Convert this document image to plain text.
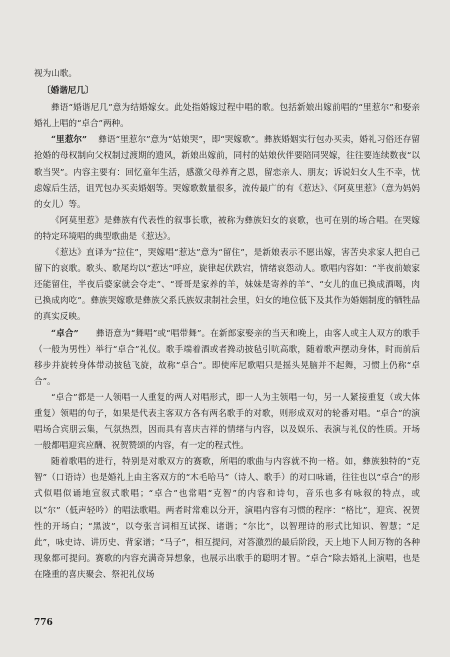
视为山歌。

〔婚谐尼几〕

彝语“婚谐尼几”意为结婚嫁女。此处指婚嫁过程中唱的歌。包括新娘出嫁前唱的“里惹尔”和娶亲婚礼上唱的“卓合”两种。

“里惹尔” 彝语“里惹尔”意为“姑娘哭”，即“哭嫁歌”。彝族婚姻实行包办买卖，婚礼习俗还存留抢婚的母权制向父权制过渡期的遗风，新娘出嫁前，同村的姑娘伙伴要陪同哭嫁，往往要连续数夜“以歌当哭”。内容主要有：回忆童年生活，感激父母养育之恩，留恋亲人、朋友；诉说妇女人生不幸，忧虑嫁后生活，诅咒包办买卖婚姻等。哭嫁歌数量很多，流传最广的有《惹达》、《阿莫里惹》（意为妈妈的女儿）等。

《阿莫里惹》是彝族有代表性的叙事长歌，被称为彝族妇女的哀歌，也可在别的场合唱。在哭嫁的特定环境唱的典型歌曲是《惹达》。

《惹达》直译为“拉住”，哭嫁唱“惹达”意为“留住”，是新娘表示不愿出嫁，害苦央求家人把自己留下的哀歌。歌头、歌尾均以“惹达”呼应，旋律起伏跌宕，情绪哀怨动人。歌唱内容如：“半夜前娘家还能留住，半夜后婆家就会夺走”、“哥哥是家养的羊，妹妹是寄养的羊”、“女儿的血已换成酒喝，肉已换成肉吃”。彝族哭嫁歌是彝族父系氏族奴隶制社会里，妇女的地位低下及其作为婚姻制度的牺牲品的真实反映。

“卓合” 彝语意为“舞唱”或“唱带舞”。在新郎家娶亲的当天和晚上，由客人或主人双方的歌手（一般为男性）举行“卓合”礼仪。歌手端着酒或者搀动披毡引吭高歌，随着歌声摆动身体，时而前后移步并旋转身体带动披毡飞旋，故称“卓合”。即使库尼歌唱只是摇头晃脑并不起舞，习惯上仍称“卓合”。

“卓合”都是一人领唱一人重复的两人对唱形式，即一人为主领唱一句，另一人紧接重复（或大体重复）领唱的句子，如果是代表主客双方各有两名歌手的对歌，则形成双对的轮番对唱。“卓合”的演唱场合宾朋云集，气氛热烈，因而具有喜庆吉祥的情绪与内容，以及娱乐、表演与礼仪的性质。开场一般都唱迎宾应酬、祝贺赞颂的内容，有一定的程式性。

随着歌唱的进行，特别是对歌双方的赛歌，所唱的歌曲与内容就不拘一格。如，彝族独特的“克智”（口语诗）也是婚礼上由主客双方的“木毛哈马”（诗人、歌手）的对口咏诵，往往也以“卓合”的形式似唱似诵地宣叙式歌唱；“卓合”也常唱“克智”的内容和诗句，音乐也多有咏叙的特点，或以“尔”（低声轻吟）的唱法歌唱。两者时常难以分开，演唱内容有习惯的程序：“格比”，迎宾、祝贺性的开场白；“黑波”，以夸张言词相互试探、诸谐；“尔比”，以智理诗的形式比知识、智慧；“足此”，咏史诗、讲历史、背家谱；“马子”，相互提问，对答激烈的最后阶段，天上地下人间万物的各种现象都可提问。赛歌的内容充满奇异想象，也展示出歌手的聪明才智。“卓合”除去婚礼上演唱，也是在隆重的喜庆聚会、祭祀礼仪场

776
